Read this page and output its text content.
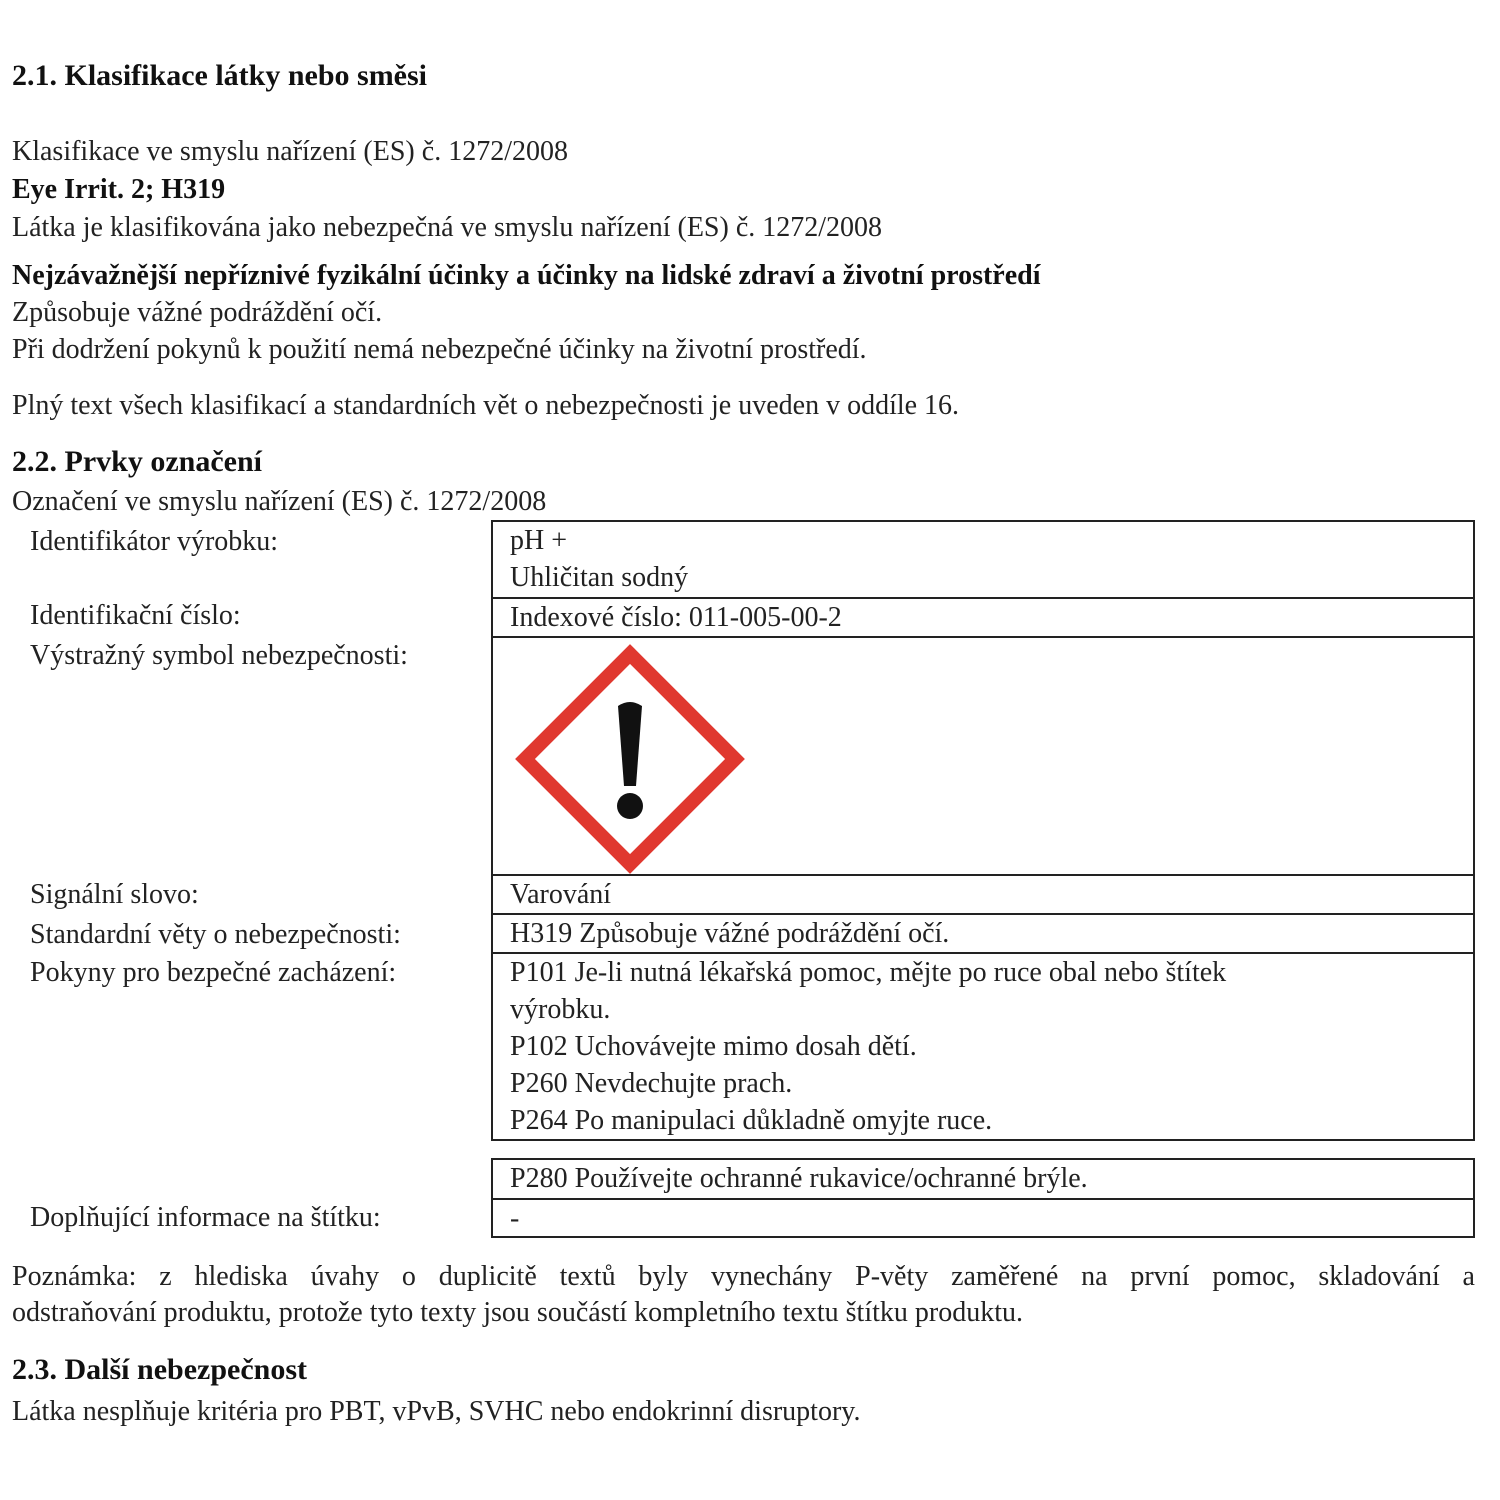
2.1. Klasifikace látky nebo směsi
Klasifikace ve smyslu nařízení (ES) č. 1272/2008
Eye Irrit. 2; H319
Látka je klasifikována jako nebezpečná ve smyslu nařízení (ES) č. 1272/2008
Nejzávažnější nepříznivé fyzikální účinky a účinky na lidské zdraví a životní prostředí
Způsobuje vážné podráždění očí.
Při dodržení pokynů k použití nemá nebezpečné účinky na životní prostředí.
Plný text všech klasifikací a standardních vět o nebezpečnosti je uveden v oddíle 16.
2.2. Prvky označení
Označení ve smyslu nařízení (ES) č. 1272/2008
Identifikátor výrobku:
Identifikační číslo:
Výstražný symbol nebezpečnosti:
Signální slovo:
Standardní věty o nebezpečnosti:
Pokyny pro bezpečné zacházení:
Doplňující informace na štítku:
pH +
Uhličitan sodný
Indexové číslo: 011-005-00-2
Varování
H319 Způsobuje vážné podráždění očí.
P101 Je-li nutná lékařská pomoc, mějte po ruce obal nebo štítek
výrobku.
P102 Uchovávejte mimo dosah dětí.
P260 Nevdechujte prach.
P264 Po manipulaci důkladně omyjte ruce.
P280 Používejte ochranné rukavice/ochranné brýle.
-
Poznámka: z hlediska úvahy o duplicitě textů byly vynechány P-věty zaměřené na první pomoc, skladování a
odstraňování produktu, protože tyto texty jsou součástí kompletního textu štítku produktu.
2.3. Další nebezpečnost
Látka nesplňuje kritéria pro PBT, vPvB, SVHC nebo endokrinní disruptory.
